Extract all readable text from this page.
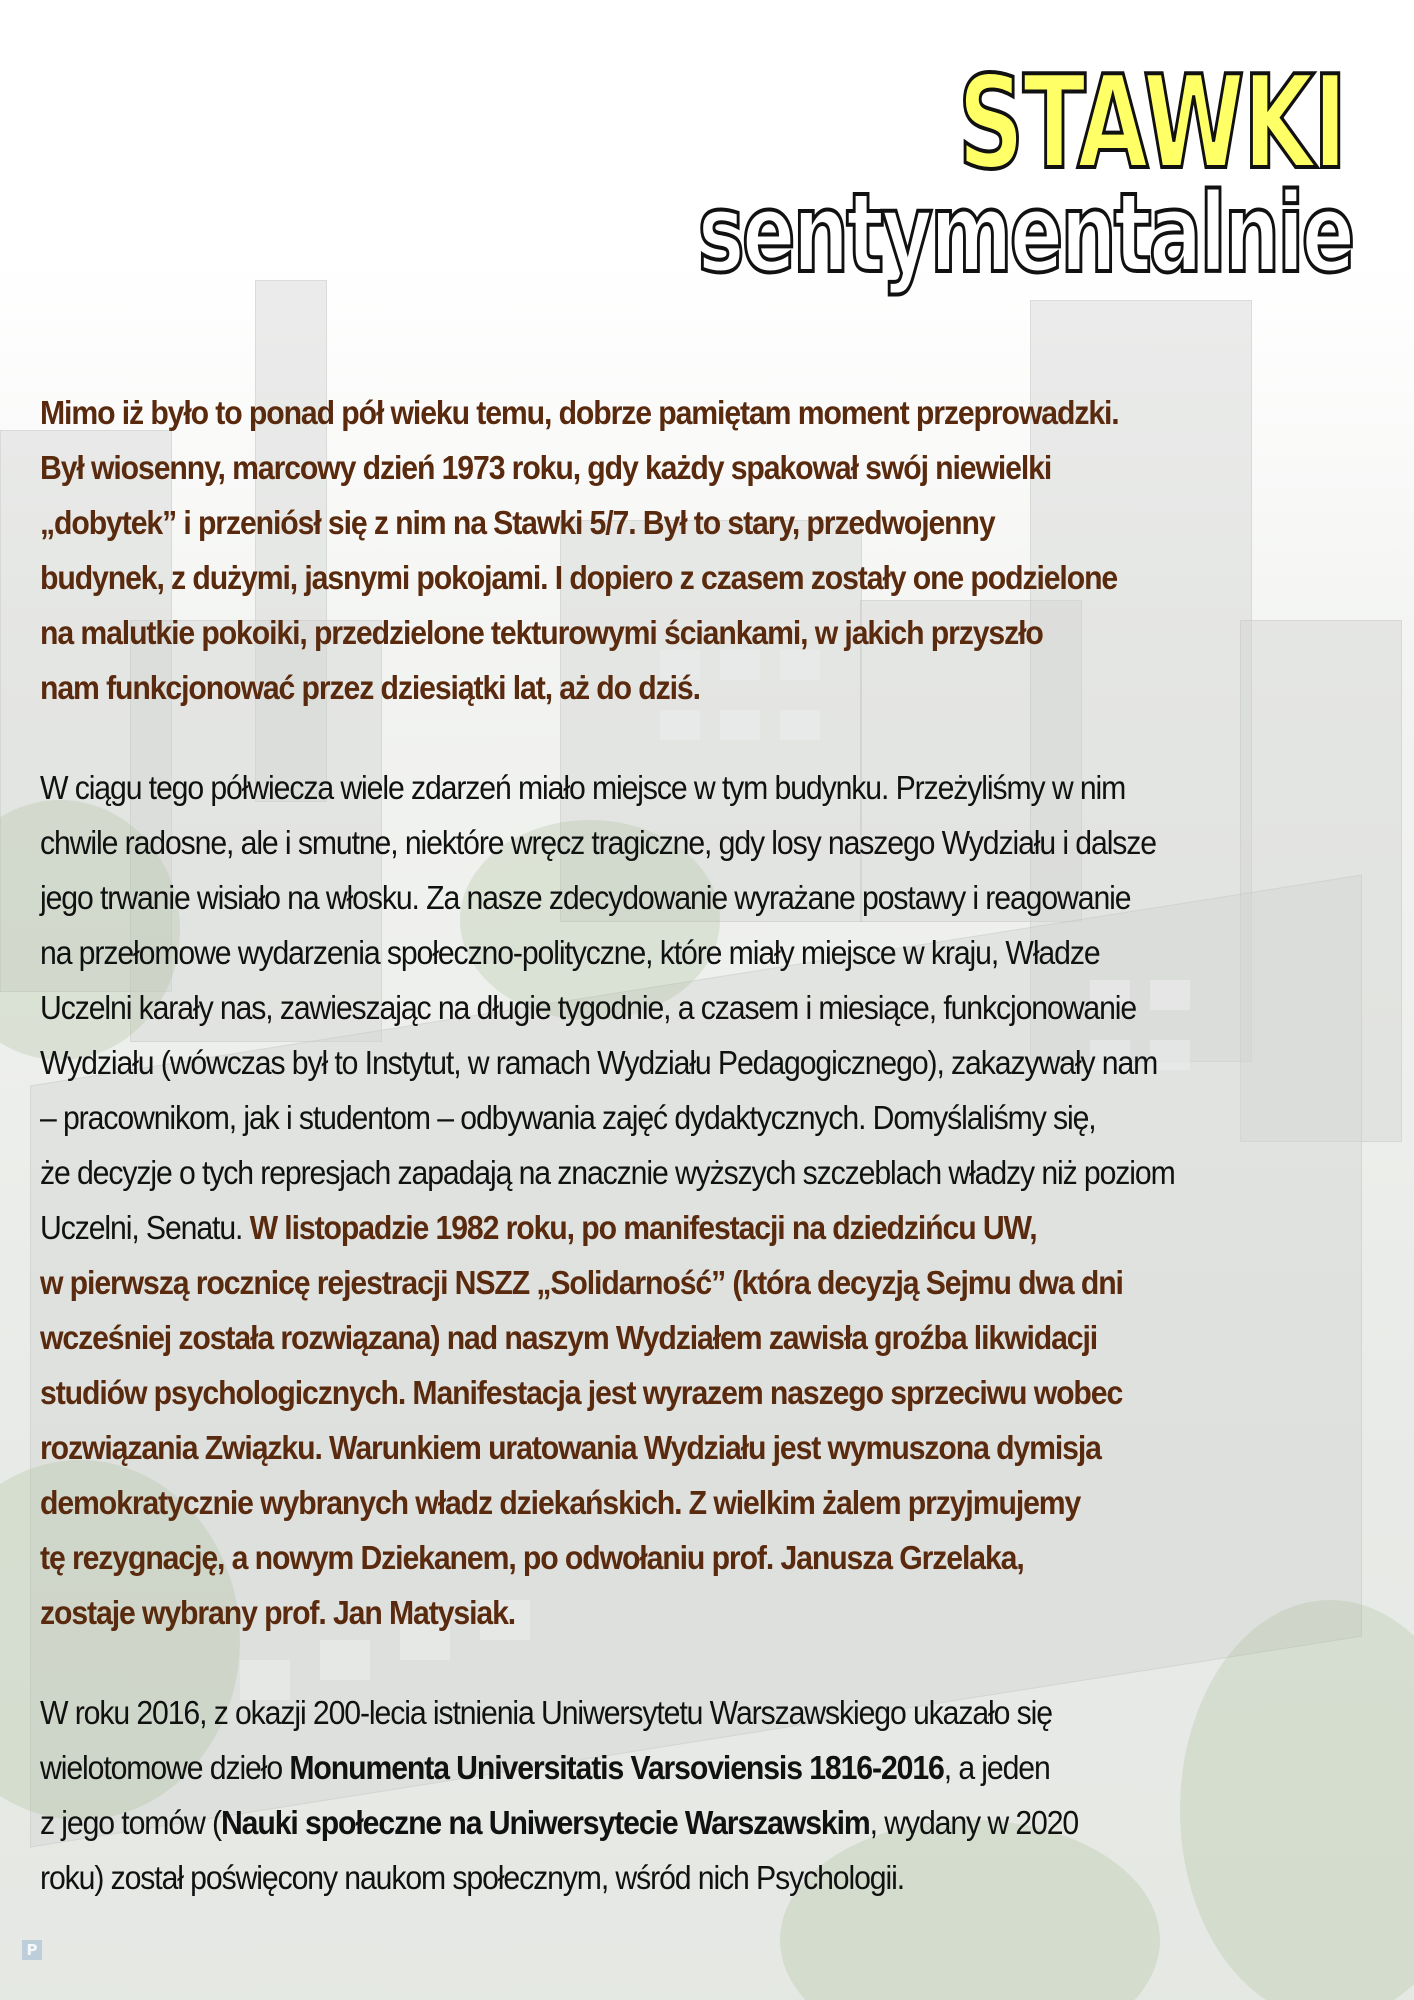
P
STAWKI
sentymentalnie

Mimo iż było to ponad pół wieku temu, dobrze pamiętam moment przeprowadzki.
Był wiosenny, marcowy dzień 1973 roku, gdy każdy spakował swój niewielki
„dobytek” i przeniósł się z nim na Stawki 5/7. Był to stary, przedwojenny
budynek, z dużymi, jasnymi pokojami. I dopiero z czasem zostały one podzielone
na malutkie pokoiki, przedzielone tekturowymi ściankami, w jakich przyszło
nam funkcjonować przez dziesiątki lat, aż do dziś.

W ciągu tego półwiecza wiele zdarzeń miało miejsce w tym budynku. Przeżyliśmy w nim
chwile radosne, ale i smutne, niektóre wręcz tragiczne, gdy losy naszego Wydziału i dalsze
jego trwanie wisiało na włosku. Za nasze zdecydowanie wyrażane postawy i reagowanie
na przełomowe wydarzenia społeczno-polityczne, które miały miejsce w kraju, Władze
Uczelni karały nas, zawieszając na długie tygodnie, a czasem i miesiące, funkcjonowanie
Wydziału (wówczas był to Instytut, w ramach Wydziału Pedagogicznego), zakazywały nam
– pracownikom, jak i studentom – odbywania zajęć dydaktycznych. Domyślaliśmy się,
że decyzje o tych represjach zapadają na znacznie wyższych szczeblach władzy niż poziom
Uczelni, Senatu. W listopadzie 1982 roku, po manifestacji na dziedzińcu UW,
w pierwszą rocznicę rejestracji NSZZ „Solidarność” (która decyzją Sejmu dwa dni
wcześniej została rozwiązana) nad naszym Wydziałem zawisła groźba likwidacji
studiów psychologicznych. Manifestacja jest wyrazem naszego sprzeciwu wobec
rozwiązania Związku. Warunkiem uratowania Wydziału jest wymuszona dymisja
demokratycznie wybranych władz dziekańskich. Z wielkim żalem przyjmujemy
tę rezygnację, a nowym Dziekanem, po odwołaniu prof. Janusza Grzelaka,
zostaje wybrany prof. Jan Matysiak.

W roku 2016, z okazji 200-lecia istnienia Uniwersytetu Warszawskiego ukazało się
wielotomowe dzieło Monumenta Universitatis Varsoviensis 1816-2016, a jeden
z jego tomów (Nauki społeczne na Uniwersytecie Warszawskim, wydany w 2020
roku) został poświęcony naukom społecznym, wśród nich Psychologii.
